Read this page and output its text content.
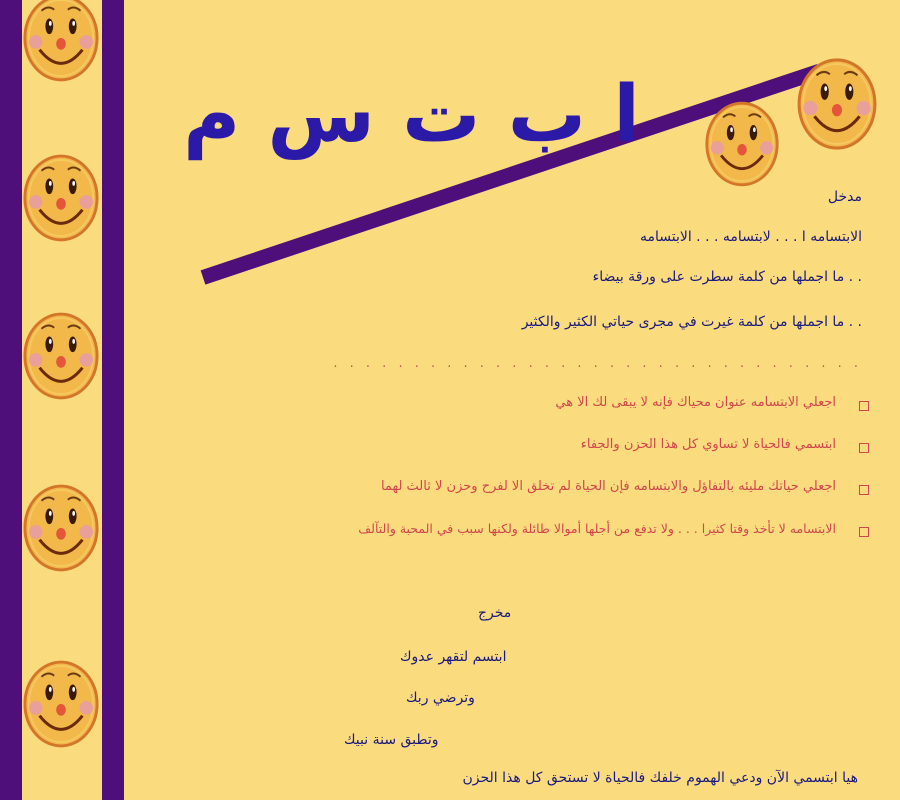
ا ب ت س م
مدخل
الابتسامه ا . . . لابتسامه . . . الابتسامه
. . ما اجملها من كلمة سطرت على ورقة بيضاء
. . ما اجملها من كلمة غيرت في مجرى حياتي الكثير والكثير
. . . . . . . . . . . . . . . . . . . . . . . . . . . . . . . . .
اجعلي الابتسامه عنوان محياك فإنه لا يبقى لك الا هي
ابتسمي فالحياة لا تساوي كل هذا الحزن والجفاء
اجعلي حياتك مليئه بالتفاؤل والابتسامه فإن الحياة لم تخلق الا لفرح وحزن لا ثالث لهما
الابتسامه لا تأخذ وقتا كثيرا . . . ولا تدفع من أجلها أموالا طائلة ولكنها سبب في المحبة والتآلف
مخرج
ابتسم لتقهر عدوك
وترضي ربك
وتطبق سنة نبيك
هيا ابتسمي الآن ودعي الهموم خلفك فالحياة لا تستحق كل هذا الحزن
